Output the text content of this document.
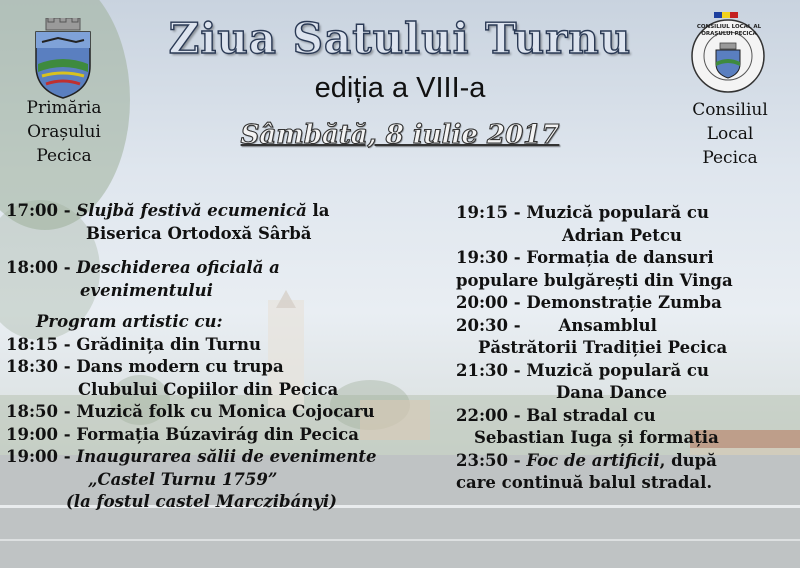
Primăria
Orașului
Pecica
CONSILIUL LOCAL AL
ORAȘULUI PECICA
Consiliul
Local
Pecica
Ziua Satului Turnu
ediția a VIII-a
Sâmbătă, 8 iulie 2017
17:00 - Slujbă festivă ecumenică la
Biserica Ortodoxă Sârbă
18:00 - Deschiderea oficială a
evenimentului
Program artistic cu:
18:15 - Grădinița din Turnu
18:30 - Dans modern cu trupa
Clubului Copiilor din Pecica
18:50 - Muzică folk cu Monica Cojocaru
19:00 - Formația Búzavirág din Pecica
19:00 - Inaugurarea sălii de evenimente
„Castel Turnu 1759”
(la fostul castel Marczibányi)
19:15 - Muzică populară cu
Adrian Petcu
19:30 - Formația de dansuri
populare bulgărești din Vinga
20:00 - Demonstrație Zumba
20:30 - Ansamblul
Păstrătorii Tradiției Pecica
21:30 - Muzică populară cu
Dana Dance
22:00 - Bal stradal cu
Sebastian Iuga și formația
23:50 - Foc de artificii, după
care continuă balul stradal.
